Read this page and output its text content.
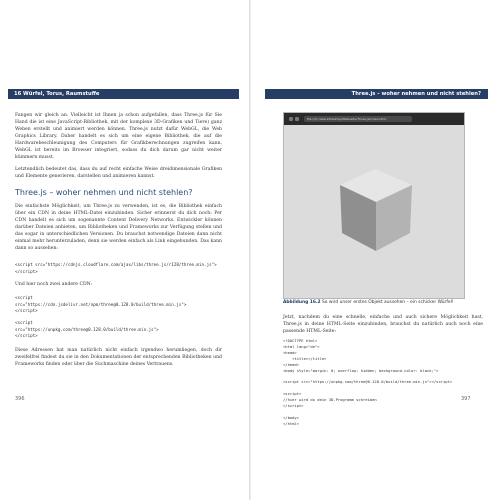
16 Würfel, Torus, Raumstuffe
Fangen wir gleich an. Vielleicht ist Ihnen ja schon aufgefallen, dass Three.js für Sie Hand die ist eine JavaScript-Bibliothek, mit der komplexe 3D-Grafiken und Tiere) ganz Weben erstellt und animiert werden können. Three.js nutzt dafür WebGL, die Web Graphics Library. Daher handelt es sich um eine eigene Bibliothek, die auf die Hardwarebeschleunigung des Computers für Grafikberechnungen zugreifen kann. WebGL ist bereits im Browser integriert, sodass du dich darum gar nicht weiter kümmern musst.
Letztendlich bedeutet das, dass du auf recht einfache Weise dreidimensionale Grafiken und Elemente generieren, darstellen und animieren kannst.
Three.js – woher nehmen und nicht stehlen?
Die einfachste Möglichkeit, um Three.js zu verwenden, ist es, die Bibliothek einfach über ein CDN in deine HTML-Datei einzubinden. Sicher erinnerst du dich noch: Per CDN handelt es sich um sogenannte Content Delivery Networks. Entwickler können darüber Dateien anbieten, um Bibliotheken und Frameworks zur Verfügung stellen und das sogar in unterschiedlichen Versionen. Du brauchst notwendige Dateien dann nicht einmal mehr herunterzuladen, denn sie werden einfach als Link eingebunden. Das kann dann so aussehen:
<script src="https://cdnjs.cloudflare.com/ajax/libs/three.js/r128/three.min.js">
</script>
Und hier noch zwei andere CDN:
<script
src="https://cdn.jsdelivr.net/npm/three@0.128.0/build/three.min.js">
</script>
<script
src="https://unpkg.com/three@0.128.0/build/three.min.js">
</script>
Diese Adressen hat man natürlich nicht einfach irgendwo herumliegen, doch dir zweifelfrei findest du sie in den Dokumentationen der entsprechenden Bibliotheken und Frameworks finden oder über die Suchmaschine deines Vertrauens.
396
Three.js – woher nehmen und nicht stehlen?
file:///C:/Users/Desktop/Webseite/Three.js/index.html
Abbildung 16.2 So wird unser erstes Objekt aussehen – ein schicker Würfel!
Jetzt, nachdem du eine schnelle, einfache und auch sichere Möglichkeit hast, Three.js in deine HTML-Seite einzubinden, brauchst du natürlich auch noch eine passende HTML-Seite:
<!DOCTYPE html>
<html lang="de">
<head>
<title></title>
</head>
<body style="margin: 0; overflow: hidden; background-color: black;">

<script src="https://unpkg.com/three@0.128.0/build/three.min.js"></script>

<script>
//hier wird du dein 3D-Programm schreiben
</script>

</body>
</html>
397
